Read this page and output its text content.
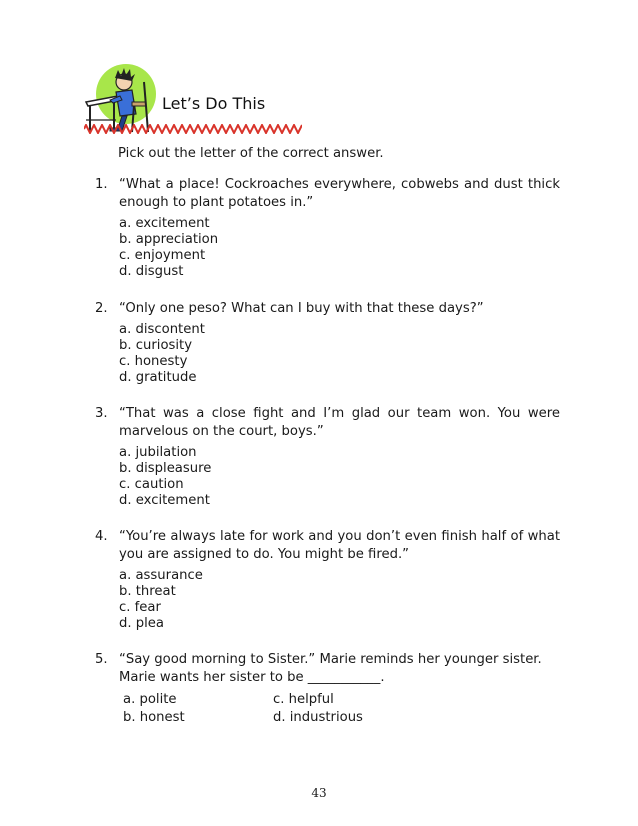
Let’s Do This
Pick out the letter of the correct answer.
1. “What a place! Cockroaches everywhere, cobwebs and dust thick enough to plant potatoes in.”
a. excitement
b. appreciation
c. enjoyment
d. disgust
2. “Only one peso? What can I buy with that these days?”
a. discontent
b. curiosity
c. honesty
d. gratitude
3. “That was a close fight and I’m glad our team won. You were marvelous on the court, boys.”
a. jubilation
b. displeasure
c. caution
d. excitement
4. “You’re always late for work and you don’t even finish half of what you are assigned to do. You might be fired.”
a. assurance
b. threat
c. fear
d. plea
5. “Say good morning to Sister.” Marie reminds her younger sister.
Marie wants her sister to be ___________.
a. polite	c. helpful
b. honest	d. industrious
43
